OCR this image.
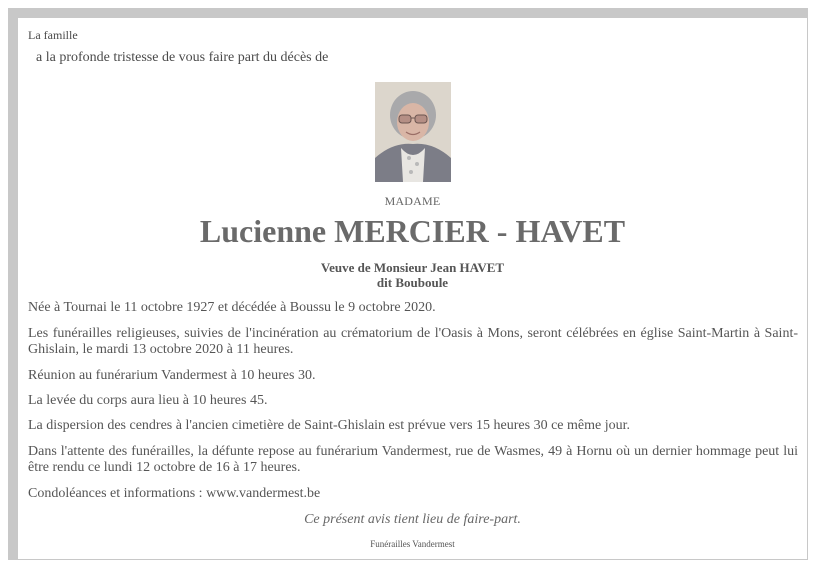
La famille
a la profonde tristesse de vous faire part du décès de
MADAME
Lucienne MERCIER - HAVET
Veuve de Monsieur Jean HAVET
dit Bouboule

Née à Tournai le 11 octobre 1927 et décédée à Boussu le 9 octobre 2020.

Les funérailles religieuses, suivies de l'incinération au crématorium de l'Oasis à Mons, seront célébrées en église Saint-Martin à Saint-Ghislain, le mardi 13 octobre 2020 à 11 heures.

Réunion au funérarium Vandermest à 10 heures 30.

La levée du corps aura lieu à 10 heures 45.

La dispersion des cendres à l'ancien cimetière de Saint-Ghislain est prévue vers 15 heures 30 ce même jour.

Dans l'attente des funérailles, la défunte repose au funérarium Vandermest, rue de Wasmes, 49 à Hornu où un dernier hommage peut lui être rendu ce lundi 12 octobre de 16 à 17 heures.

Condoléances et informations : www.vandermest.be

Ce présent avis tient lieu de faire-part.
Funérailles Vandermest
